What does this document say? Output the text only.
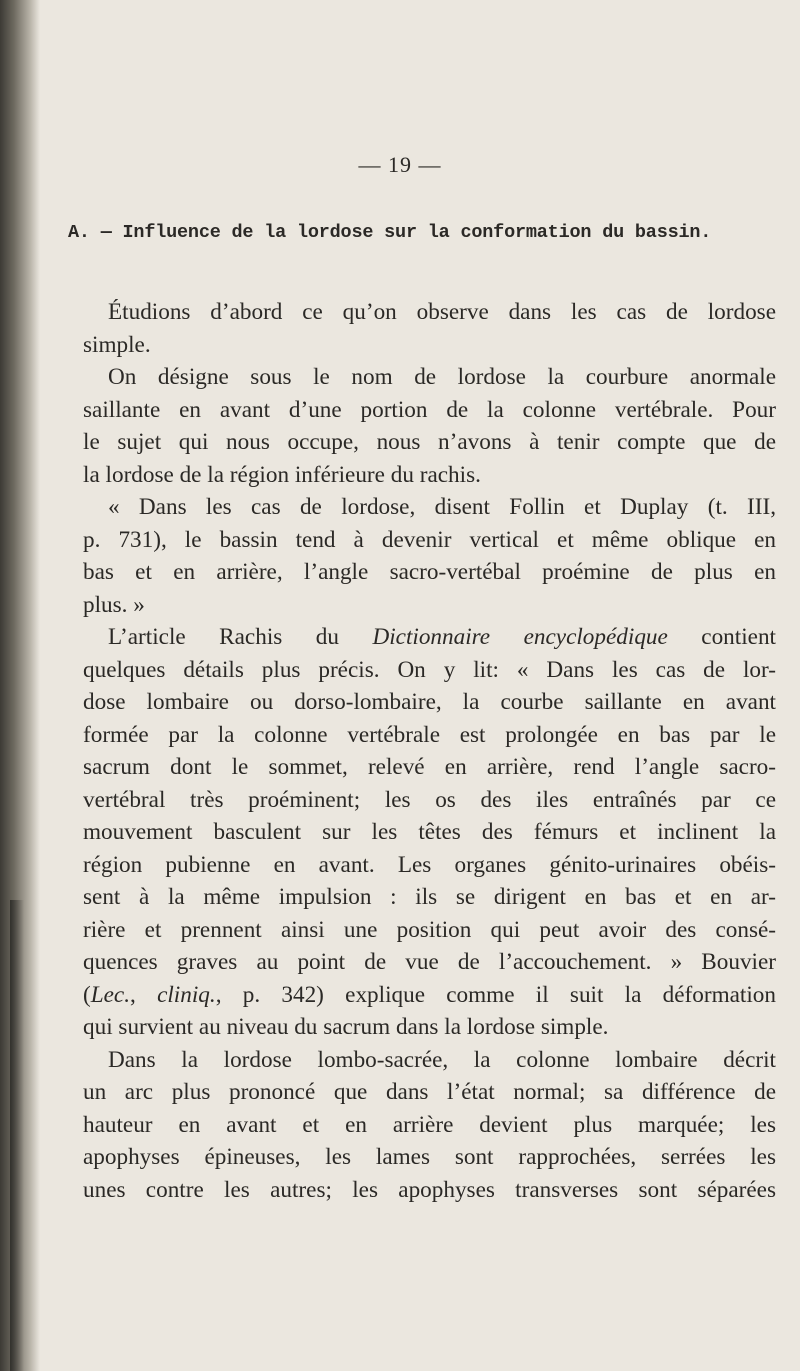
— 19 —
A. — Influence de la lordose sur la conformation du bassin.

Étudions d’abord ce qu’on observe dans les cas de lordose
simple.

On désigne sous le nom de lordose la courbure anormale
saillante en avant d’une portion de la colonne vertébrale. Pour
le sujet qui nous occupe, nous n’avons à tenir compte que de
la lordose de la région inférieure du rachis.

« Dans les cas de lordose, disent Follin et Duplay (t. III,
p. 731), le bassin tend à devenir vertical et même oblique en
bas et en arrière, l’angle sacro-vertébal proémine de plus en
plus. »

L’article Rachis du Dictionnaire encyclopédique contient
quelques détails plus précis. On y lit: « Dans les cas de lor-
dose lombaire ou dorso-lombaire, la courbe saillante en avant
formée par la colonne vertébrale est prolongée en bas par le
sacrum dont le sommet, relevé en arrière, rend l’angle sacro-
vertébral très proéminent; les os des iles entraînés par ce
mouvement basculent sur les têtes des fémurs et inclinent la
région pubienne en avant. Les organes génito-urinaires obéis-
sent à la même impulsion : ils se dirigent en bas et en ar-
rière et prennent ainsi une position qui peut avoir des consé-
quences graves au point de vue de l’accouchement. » Bouvier
(Lec., cliniq., p. 342) explique comme il suit la déformation
qui survient au niveau du sacrum dans la lordose simple.

Dans la lordose lombo-sacrée, la colonne lombaire décrit
un arc plus prononcé que dans l’état normal; sa différence de
hauteur en avant et en arrière devient plus marquée; les
apophyses épineuses, les lames sont rapprochées, serrées les
unes contre les autres; les apophyses transverses sont séparées
